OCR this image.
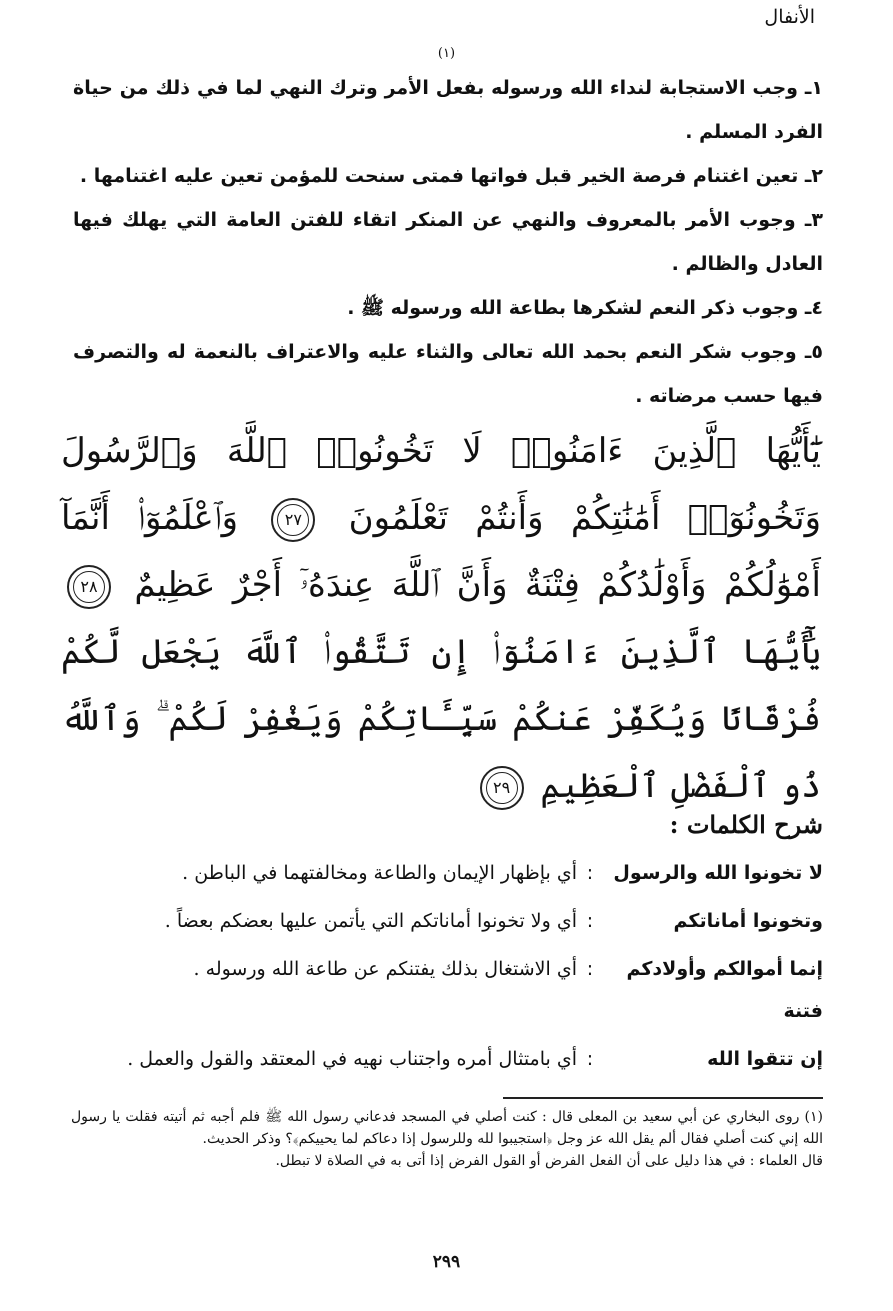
الأنفال
(١)

١ـ وجب الاستجابة لنداء الله ورسوله بفعل الأمر وترك النهي لما في ذلك من حياة الفرد المسلم .

٢ـ تعين اغتنام فرصة الخير قبل فواتها فمتى سنحت للمؤمن تعين عليه اغتنامها .

٣ـ وجوب الأمر بالمعروف والنهي عن المنكر اتقاء للفتن العامة التي يهلك فيها العادل والظالم .

٤ـ وجوب ذكر النعم لشكرها بطاعة الله ورسوله ﷺ .

٥ـ وجوب شكر النعم بحمد الله تعالى والثناء عليه والاعتراف بالنعمة له والتصرف فيها حسب مرضاته .

يَٰٓأَيُّهَا ٱلَّذِينَ ءَامَنُوا۟ لَا تَخُونُوا۟ ٱللَّهَ وَٱلرَّسُولَ وَتَخُونُوٓا۟ أَمَٰنَٰتِكُمْ وَأَنتُمْ تَعْلَمُونَ ٢٧ وَٱعْلَمُوٓا۟ أَنَّمَآ أَمْوَٰلُكُمْ وَأَوْلَٰدُكُمْ فِتْنَةٌ وَأَنَّ ٱللَّهَ عِندَهُۥٓ أَجْرٌ عَظِيمٌ ٢٨ يَٰٓأَيُّهَا ٱلَّذِينَ ءَامَنُوٓا۟ إِن تَتَّقُوا۟ ٱللَّهَ يَجْعَل لَّكُمْ فُرْقَانًا وَيُكَفِّرْ عَنكُمْ سَيِّـَٔاتِكُمْ وَيَغْفِرْ لَكُمْ ۗ وَٱللَّهُ ذُو ٱلْفَضْلِ ٱلْعَظِيمِ ٢٩
شرح الكلمات :
لا تخونوا الله والرسول
:
أي بإظهار الإيمان والطاعة ومخالفتهما في الباطن .
وتخونوا أماناتكم
:
أي ولا تخونوا أماناتكم التي يأتمن عليها بعضكم بعضاً .
إنما أموالكم وأولادكم فتنة
:
أي الاشتغال بذلك يفتنكم عن طاعة الله ورسوله .
إن تتقوا الله
:
أي بامتثال أمره واجتناب نهيه في المعتقد والقول والعمل .

(١) روى البخاري عن أبي سعيد بن المعلى قال : كنت أصلي في المسجد فدعاني رسول الله ﷺ فلم أجبه ثم أتيته فقلت يا رسول الله إني كنت أصلي فقال ألم يقل الله عز وجل ﴿استجيبوا لله وللرسول إذا دعاكم لما يحييكم﴾؟ وذكر الحديث.

قال العلماء : في هذا دليل على أن الفعل الفرض أو القول الفرض إذا أتى به في الصلاة لا تبطل.

٢٩٩
